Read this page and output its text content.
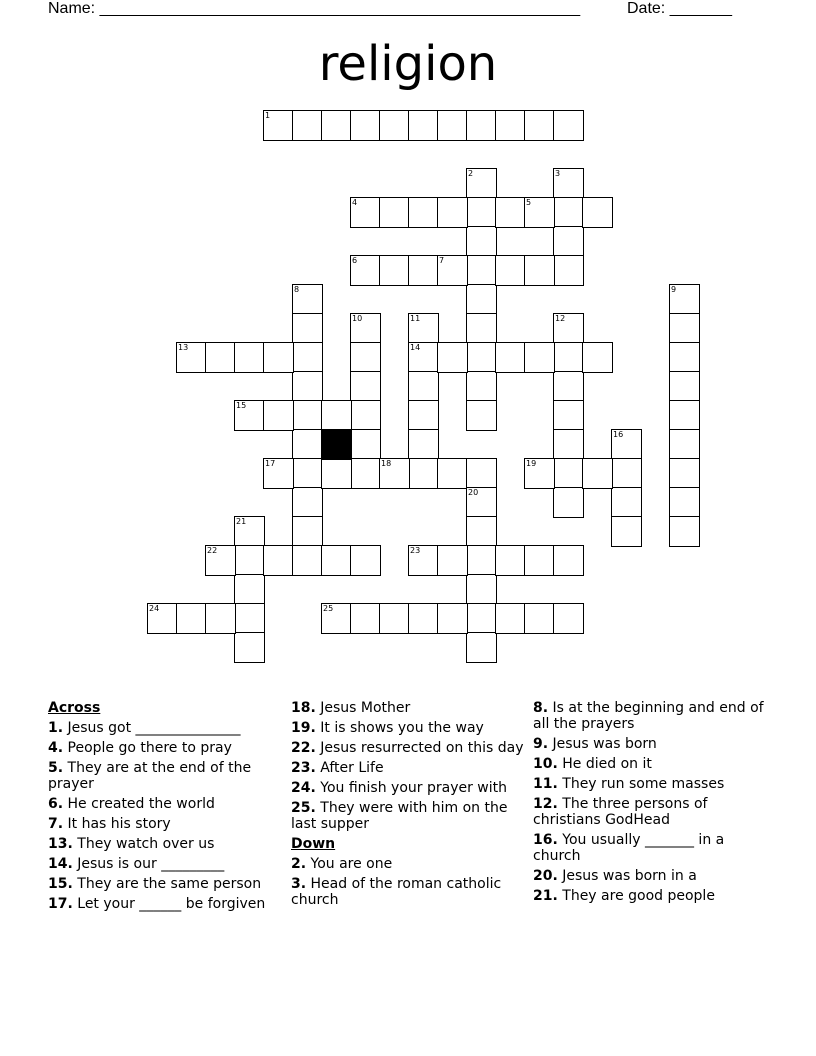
Name: ______________________________________________________	Date: _______
religion
1
2	3
4	5
6	7
8	9
10	11
14
12
13
15
16
17	18	19
20
21
22	23
24	25
Across
1. Jesus got _______________
4. People go there to pray
5. They are at the end of the prayer
6. He created the world
7. It has his story
13. They watch over us
14. Jesus is our _________
15. They are the same person
17. Let your ______ be forgiven
18. Jesus Mother
19. It is shows you the way
22. Jesus resurrected on this day
23. After Life
24. You finish your prayer with
25. They were with him on the last supper
Down
2. You are one
3. Head of the roman catholic church
8. Is at the beginning and end of all the prayers
9. Jesus was born
10. He died on it
11. They run some masses
12. The three persons of christians GodHead
16. You usually _______ in a church
20. Jesus was born in a
21. They are good people
